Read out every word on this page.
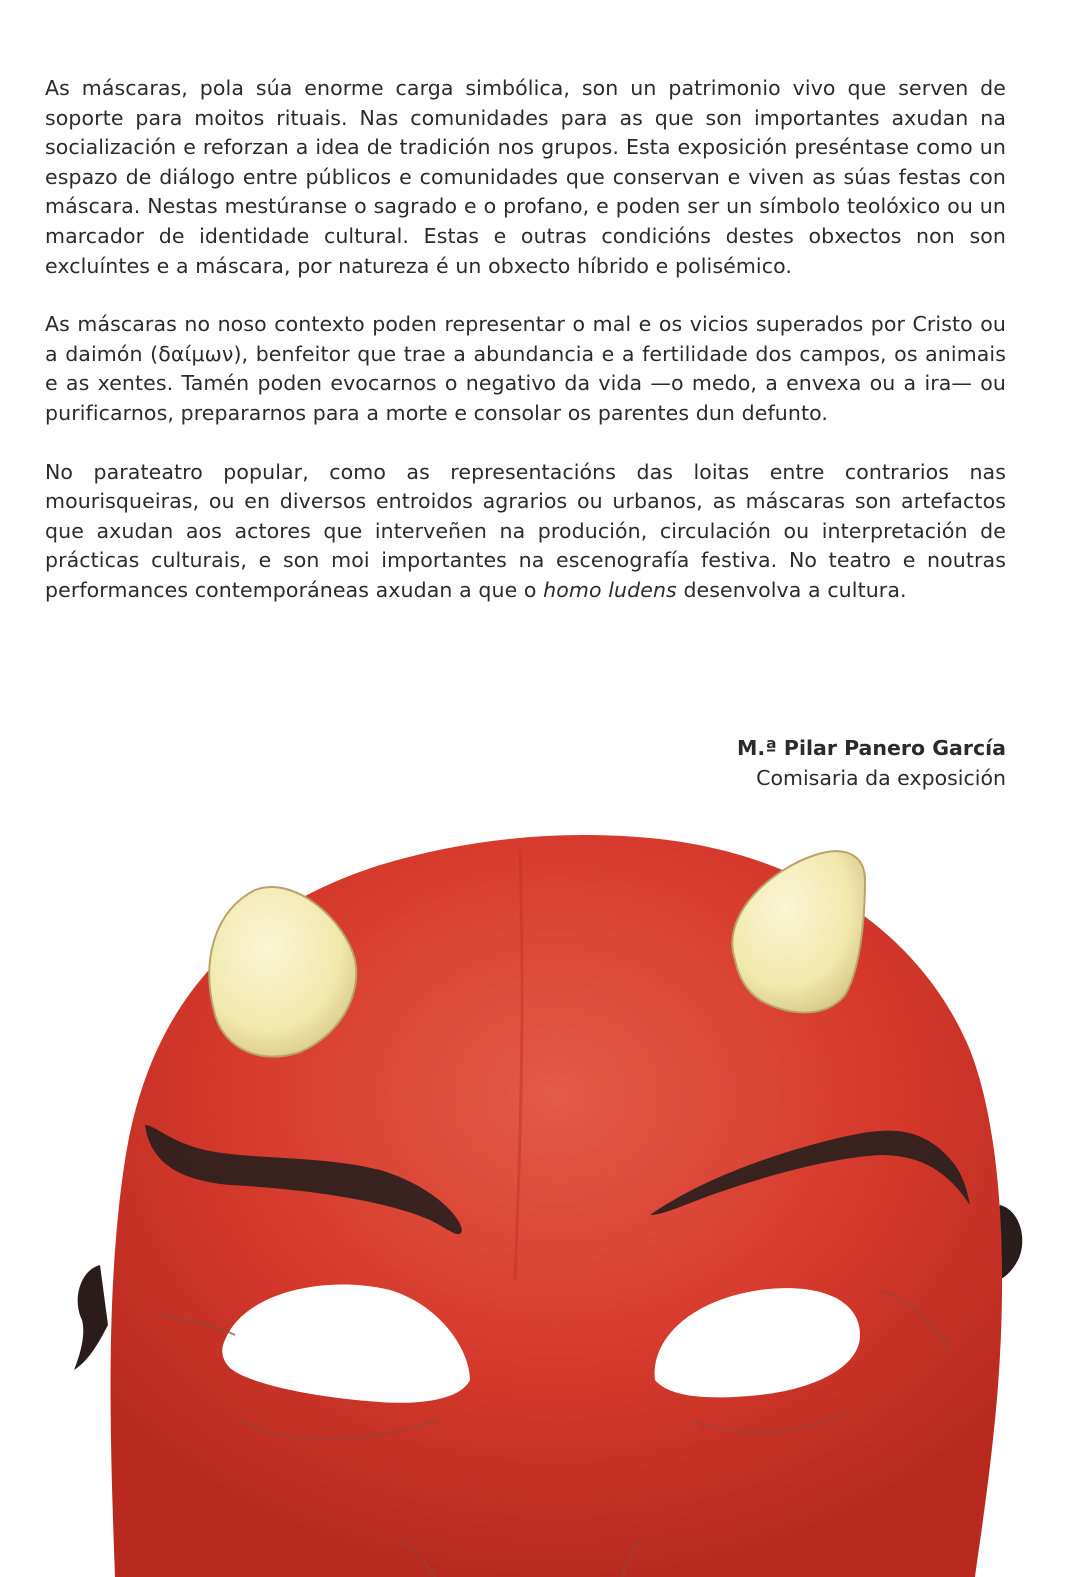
As máscaras, pola súa enorme carga simbólica, son un patrimonio vivo que serven de soporte para moitos rituais. Nas comunidades para as que son importantes axudan na socialización e reforzan a idea de tradición nos grupos. Esta exposición preséntase como un espazo de diálogo entre públicos e comunidades que conservan e viven as súas festas con máscara. Nestas mestúranse o sagrado e o profano, e poden ser un símbolo teolóxico ou un marcador de identidade cultural. Estas e outras condicións destes obxectos non son excluíntes e a máscara, por natureza é un obxecto híbrido e polisémico.

As máscaras no noso contexto poden representar o mal e os vicios superados por Cristo ou a daimón (δαίμων), benfeitor que trae a abundancia e a fertilidade dos campos, os animais e as xentes. Tamén poden evocarnos o negativo da vida —o medo, a envexa ou a ira— ou purificarnos, prepararnos para a morte e consolar os parentes dun defunto.

No parateatro popular, como as representacións das loitas entre contrarios nas mourisqueiras, ou en diversos entroidos agrarios ou urbanos, as máscaras son artefactos que axudan aos actores que interveñen na produción, circulación ou interpretación de prácticas culturais, e son moi importantes na escenografía festiva. No teatro e noutras performances contemporáneas axudan a que o homo ludens desenvolva a cultura.

M.ª Pilar Panero García
Comisaria da exposición
